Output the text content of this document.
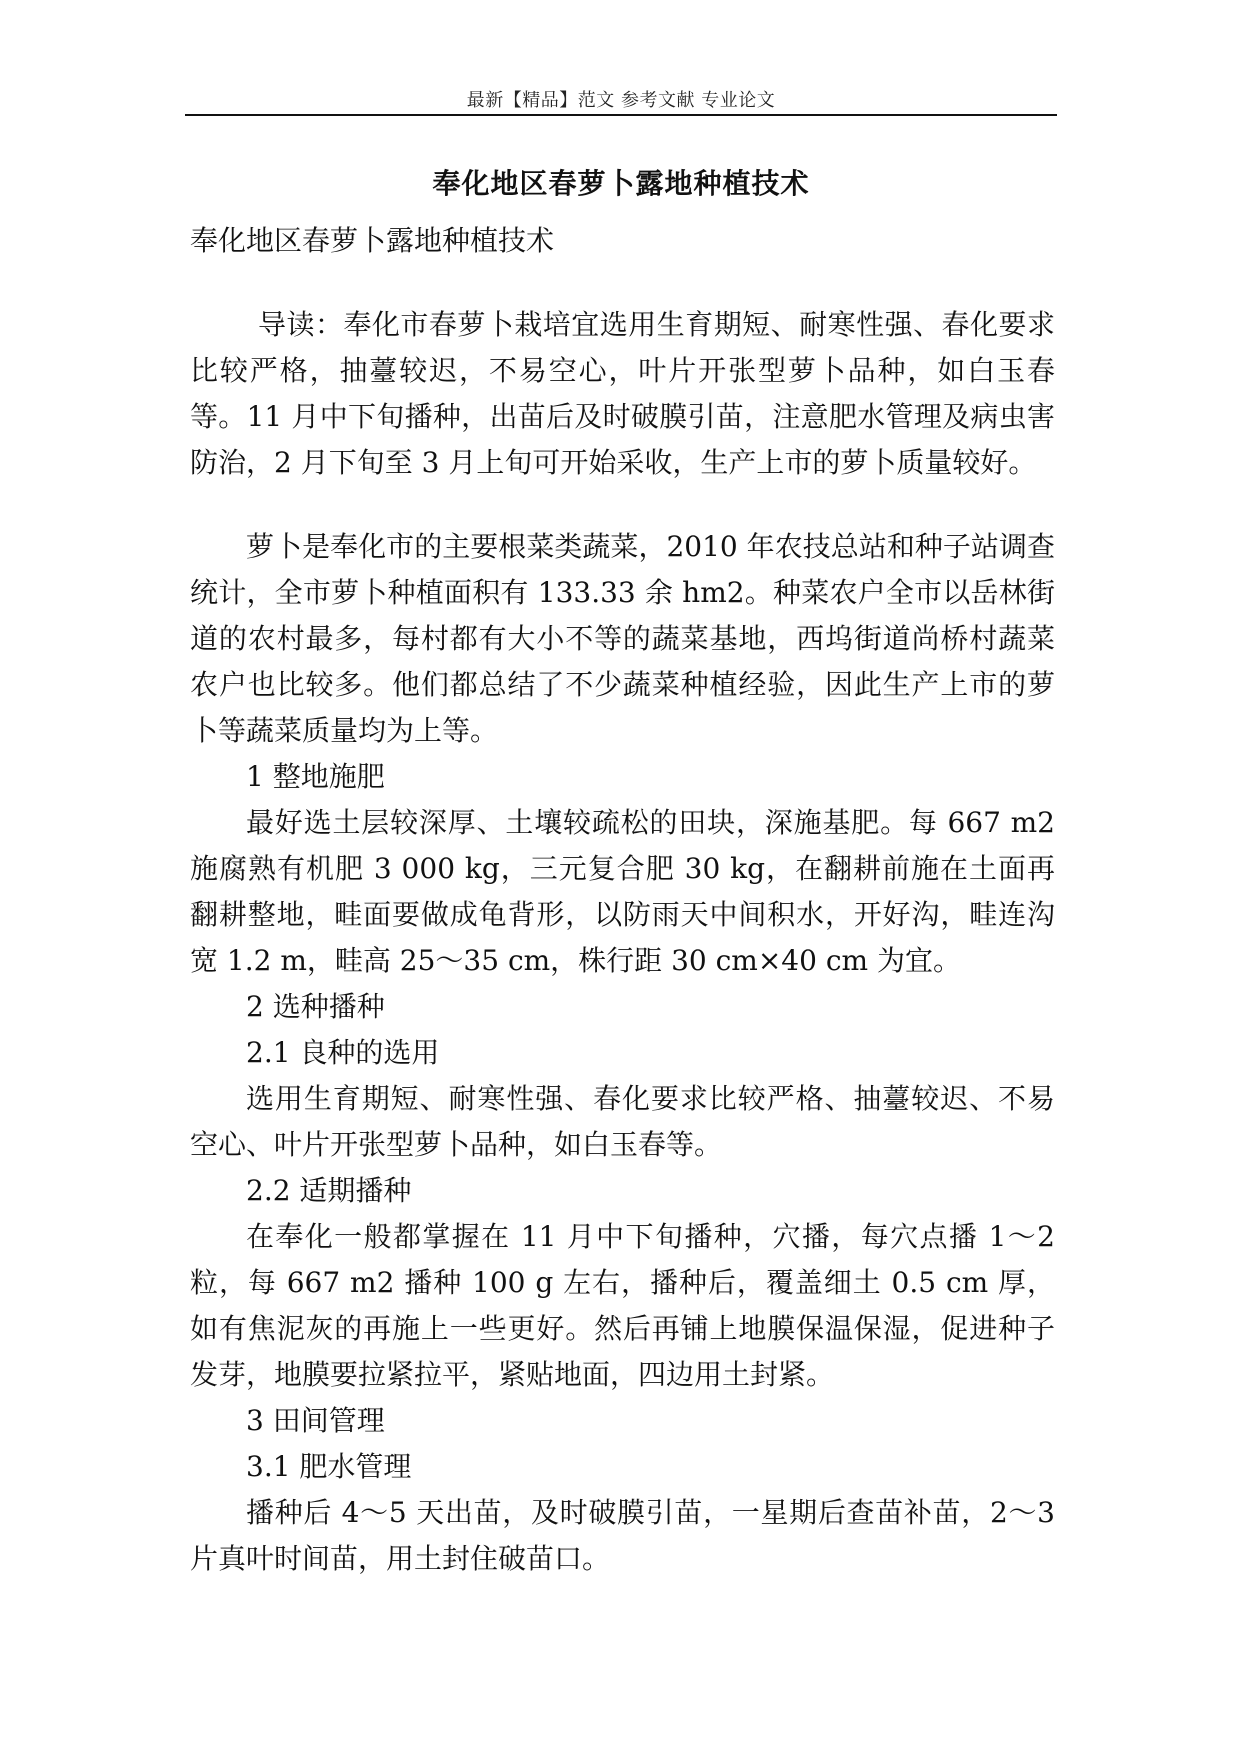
最新【精品】范文 参考文献 专业论文
奉化地区春萝卜露地种植技术

奉化地区春萝卜露地种植技术

导读：奉化市春萝卜栽培宜选用生育期短、耐寒性强、春化要求比较严格，抽薹较迟，不易空心，叶片开张型萝卜品种，如白玉春等。11 月中下旬播种，出苗后及时破膜引苗，注意肥水管理及病虫害防治，2 月下旬至 3 月上旬可开始采收，生产上市的萝卜质量较好。

萝卜是奉化市的主要根菜类蔬菜，2010 年农技总站和种子站调查统计，全市萝卜种植面积有 133.33 余 hm2。种菜农户全市以岳林街道的农村最多，每村都有大小不等的蔬菜基地，西坞街道尚桥村蔬菜农户也比较多。他们都总结了不少蔬菜种植经验，因此生产上市的萝卜等蔬菜质量均为上等。

1 整地施肥

最好选土层较深厚、土壤较疏松的田块，深施基肥。每 667 m2 施腐熟有机肥 3 000 kg，三元复合肥 30 kg，在翻耕前施在土面再翻耕整地，畦面要做成龟背形，以防雨天中间积水，开好沟，畦连沟宽 1.2 m，畦高 25～35 cm，株行距 30 cm×40 cm 为宜。

2 选种播种

2.1 良种的选用

选用生育期短、耐寒性强、春化要求比较严格、抽薹较迟、不易空心、叶片开张型萝卜品种，如白玉春等。

2.2 适期播种

在奉化一般都掌握在 11 月中下旬播种，穴播，每穴点播 1～2 粒，每 667 m2 播种 100 g 左右，播种后，覆盖细土 0.5 cm 厚，如有焦泥灰的再施上一些更好。然后再铺上地膜保温保湿，促进种子发芽，地膜要拉紧拉平，紧贴地面，四边用土封紧。

3 田间管理

3.1 肥水管理

播种后 4～5 天出苗，及时破膜引苗，一星期后查苗补苗，2～3 片真叶时间苗，用土封住破苗口。
